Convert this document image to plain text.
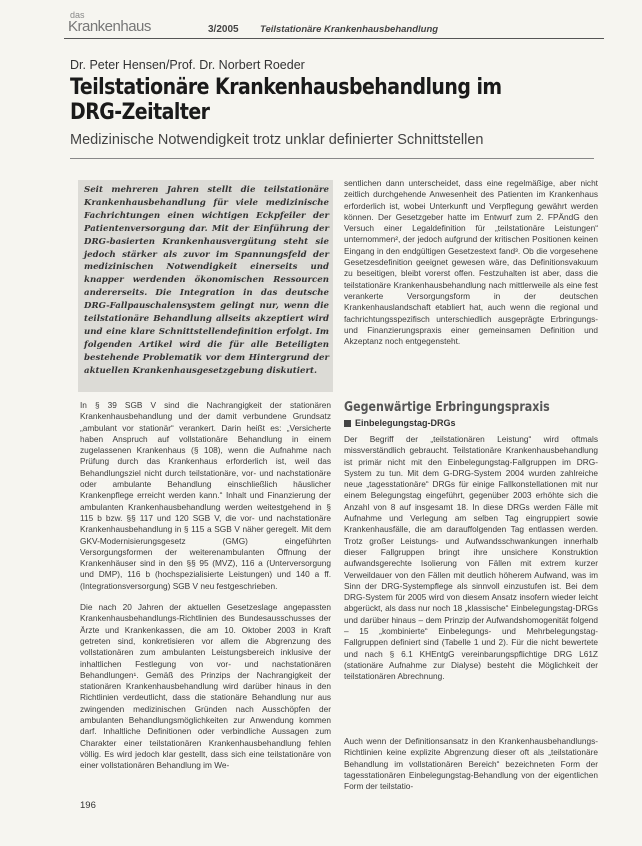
das
Krankenhaus	3/2005 Teilstationäre Krankenhausbehandlung
Dr. Peter Hensen/Prof. Dr. Norbert Roeder
Teilstationäre Krankenhausbehandlung im
DRG-Zeitalter
Medizinische Notwendigkeit trotz unklar definierter Schnittstellen
Seit mehreren Jahren stellt die teilstationäre Krankenhausbehandlung für viele medizinische Fachrichtungen einen wichtigen Eckpfeiler der Patientenversorgung dar. Mit der Einführung der DRG-basierten Krankenhausvergütung steht sie jedoch stärker als zuvor im Spannungsfeld der medizinischen Notwendigkeit einerseits und knapper werdenden ökonomischen Ressourcen andererseits. Die Integration in das deutsche DRG-Fallpauschalensystem gelingt nur, wenn die teilstationäre Behandlung allseits akzeptiert wird und eine klare Schnittstellendefinition erfolgt. Im folgenden Artikel wird die für alle Beteiligten bestehende Problematik vor dem Hintergrund der aktuellen Krankenhausgesetzgebung diskutiert.

In § 39 SGB V sind die Nachrangigkeit der stationären Krankenhausbehandlung und der damit verbundene Grundsatz „ambulant vor stationär“ verankert. Darin heißt es: „Versicherte haben Anspruch auf vollstationäre Behandlung in einem zugelassenen Krankenhaus (§ 108), wenn die Aufnahme nach Prüfung durch das Krankenhaus erforderlich ist, weil das Behandlungsziel nicht durch teilstationäre, vor- und nachstationäre oder ambulante Behandlung einschließlich häuslicher Krankenpflege erreicht werden kann.“ Inhalt und Finanzierung der ambulanten Krankenhausbehandlung werden weitestgehend in § 115 b bzw. §§ 117 und 120 SGB V, die vor- und nachstationäre Krankenhausbehandlung in § 115 a SGB V näher geregelt. Mit dem GKV-Modernisierungsgesetz (GMG) eingeführten Versorgungsformen der weiterenambulanten Öffnung der Krankenhäuser sind in den §§ 95 (MVZ), 116 a (Unterversorgung und DMP), 116 b (hochspezialisierte Leistungen) und 140 a ff. (Integrationsversorgung) SGB V neu festgeschrieben.

Die nach 20 Jahren der aktuellen Gesetzeslage angepassten Krankenhausbehandlungs-Richtlinien des Bundesausschusses der Ärzte und Krankenkassen, die am 10. Oktober 2003 in Kraft getreten sind, konkretisieren vor allem die Abgrenzung des vollstationären zum ambulanten Leistungsbereich inklusive der inhaltlichen Festlegung von vor- und nachstationären Behandlungen¹. Gemäß des Prinzips der Nachrangigkeit der stationären Krankenhausbehandlung wird darüber hinaus in den Richtlinien verdeutlicht, dass die stationäre Behandlung nur aus zwingenden medizinischen Gründen nach Ausschöpfen der ambulanten Behandlungsmöglichkeiten zur Anwendung kommen darf. Inhaltliche Definitionen oder verbindliche Aussagen zum Charakter einer teilstationären Krankenhausbehandlung fehlen völlig. Es wird jedoch klar gestellt, dass sich eine teilstationäre von einer vollstationären Behandlung im We-

sentlichen dann unterscheidet, dass eine regelmäßige, aber nicht zeitlich durchgehende Anwesenheit des Patienten im Krankenhaus erforderlich ist, wobei Unterkunft und Verpflegung gewährt werden können. Der Gesetzgeber hatte im Entwurf zum 2. FPÄndG den Versuch einer Legaldefinition für „teilstationäre Leistungen“ unternommen², der jedoch aufgrund der kritischen Positionen keinen Eingang in den endgültigen Gesetzestext fand³. Ob die vorgesehene Gesetzesdefinition geeignet gewesen wäre, das Definitionsvakuum zu beseitigen, bleibt vorerst offen. Festzuhalten ist aber, dass die teilstationäre Krankenhausbehandlung nach mittlerweile als eine fest verankerte Versorgungsform in der deutschen Krankenhauslandschaft etabliert hat, auch wenn die regional und fachrichtungsspezifisch unterschiedlich ausgeprägte Erbringungs- und Finanzierungspraxis einer gemeinsamen Definition und Akzeptanz noch entgegensteht.

Gegenwärtige Erbringungspraxis
Einbelegungstag-DRGs

Der Begriff der „teilstationären Leistung“ wird oftmals missverständlich gebraucht. Teilstationäre Krankenhausbehandlung ist primär nicht mit den Einbelegungstag-Fallgruppen im DRG-System zu tun. Mit dem G-DRG-System 2004 wurden zahlreiche neue „tagesstationäre“ DRGs für einige Fallkonstellationen mit nur einem Belegungstag eingeführt, gegenüber 2003 erhöhte sich die Anzahl von 8 auf insgesamt 18. In diese DRGs werden Fälle mit Aufnahme und Verlegung am selben Tag eingruppiert sowie Krankenhausfälle, die am darauffolgenden Tag entlassen werden. Trotz großer Leistungs- und Aufwandsschwankungen innerhalb dieser Fallgruppen bringt ihre unsichere Konstruktion aufwandsgerechte Isolierung von Fällen mit extrem kurzer Verweildauer von den Fällen mit deutlich höherem Aufwand, was im Sinn der DRG-Systempflege als sinnvoll einzustufen ist. Bei dem DRG-System für 2005 wird von diesem Ansatz insofern wieder leicht abgerückt, als dass nur noch 18 „klassische“ Einbelegungstag-DRGs und darüber hinaus – dem Prinzip der Aufwandshomogenität folgend – 15 „kombinierte“ Einbelegungs- und Mehrbelegungstag-Fallgruppen definiert sind (Tabelle 1 und 2). Für die nicht bewertete und nach § 6.1 KHEntgG vereinbarungspflichtige DRG L61Z (stationäre Aufnahme zur Dialyse) besteht die Möglichkeit der teilstationären Abrechnung.

Auch wenn der Definitionsansatz in den Krankenhausbehandlungs-Richtlinien keine explizite Abgrenzung dieser oft als „teilstationäre Behandlung im vollstationären Bereich“ bezeichneten Form der tagesstationären Einbelegungstag-Behandlung von der eigentlichen Form der teilstatio-

196
